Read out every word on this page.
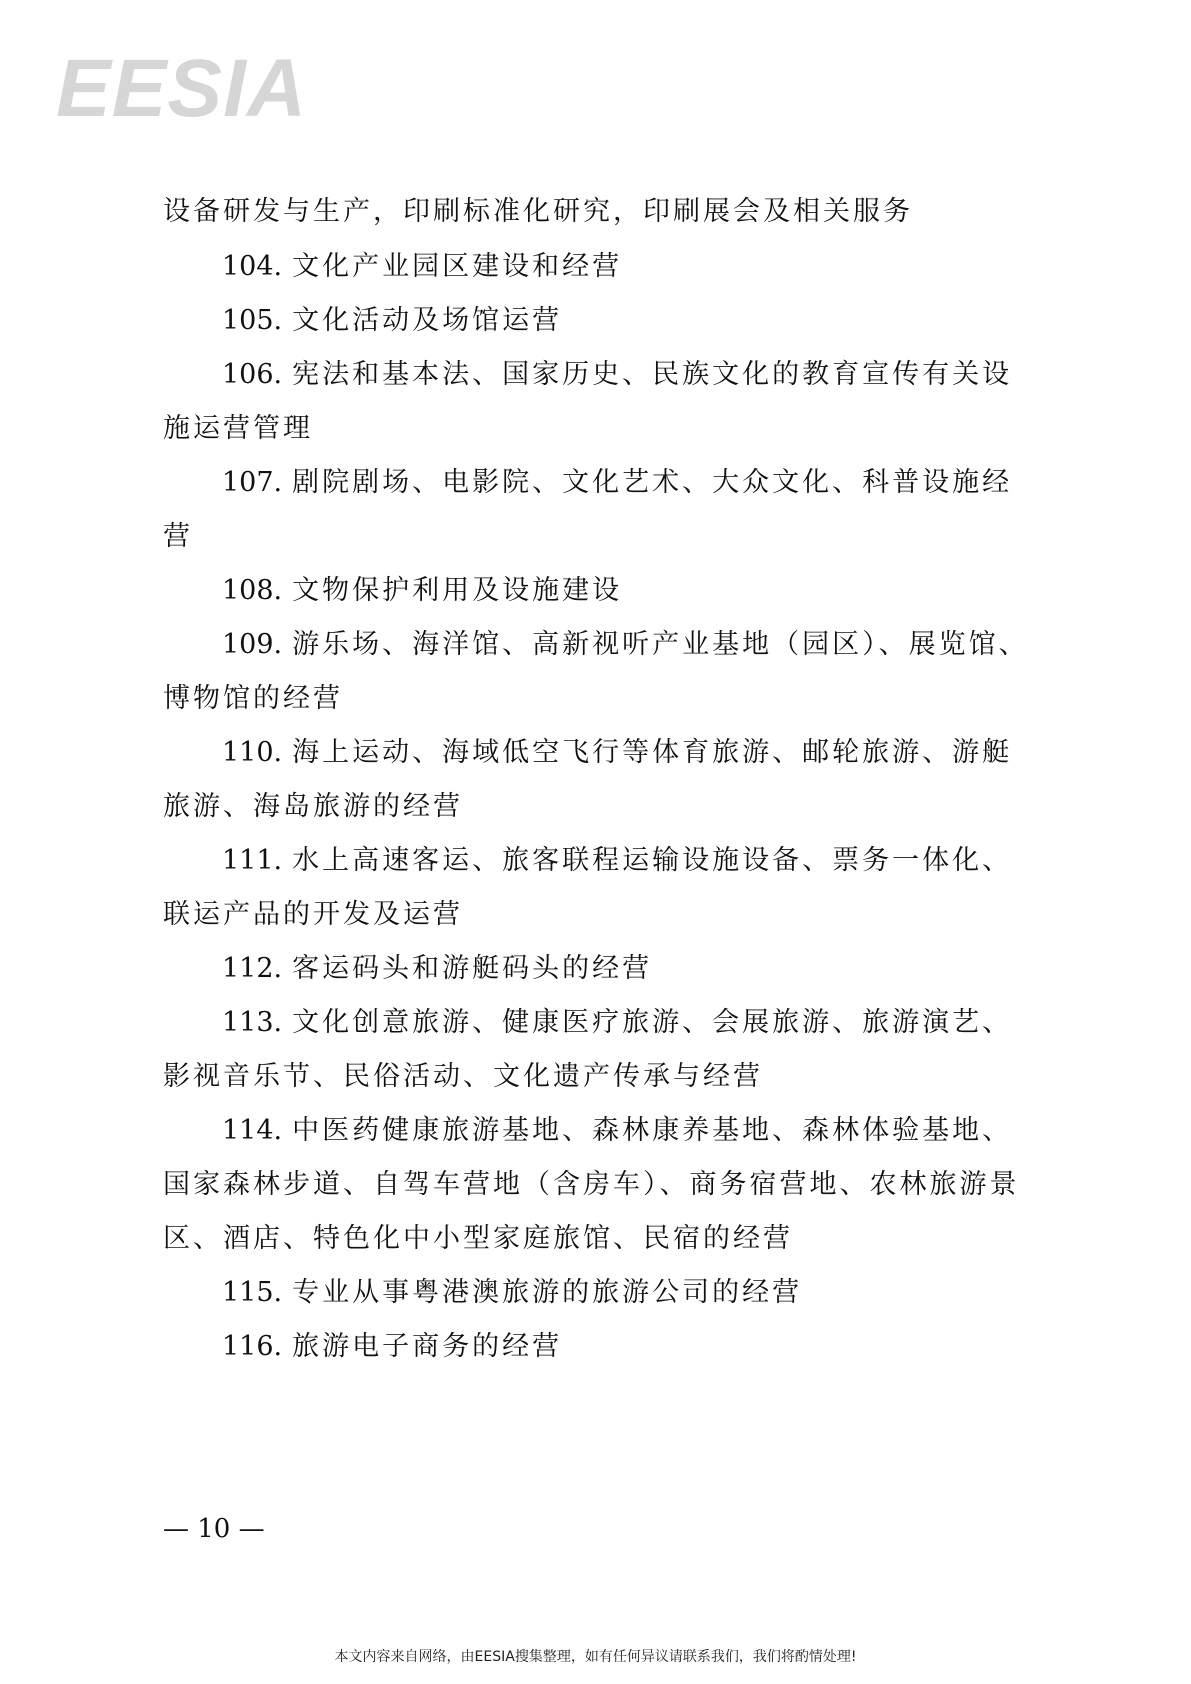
EESIA
设备研发与生产，印刷标准化研究，印刷展会及相关服务
104. 文化产业园区建设和经营
105. 文化活动及场馆运营
106. 宪法和基本法、国家历史、民族文化的教育宣传有关设
施运营管理
107. 剧院剧场、电影院、文化艺术、大众文化、科普设施经
营
108. 文物保护利用及设施建设
109. 游乐场、海洋馆、高新视听产业基地（园区）、展览馆、
博物馆的经营
110. 海上运动、海域低空飞行等体育旅游、邮轮旅游、游艇
旅游、海岛旅游的经营
111. 水上高速客运、旅客联程运输设施设备、票务一体化、
联运产品的开发及运营
112. 客运码头和游艇码头的经营
113. 文化创意旅游、健康医疗旅游、会展旅游、旅游演艺、
影视音乐节、民俗活动、文化遗产传承与经营
114. 中医药健康旅游基地、森林康养基地、森林体验基地、
国家森林步道、自驾车营地（含房车）、商务宿营地、农林旅游景
区、酒店、特色化中小型家庭旅馆、民宿的经营
115. 专业从事粤港澳旅游的旅游公司的经营
116. 旅游电子商务的经营
— 10 —
本文内容来自网络，由EESIA搜集整理，如有任何异议请联系我们，我们将酌情处理!
